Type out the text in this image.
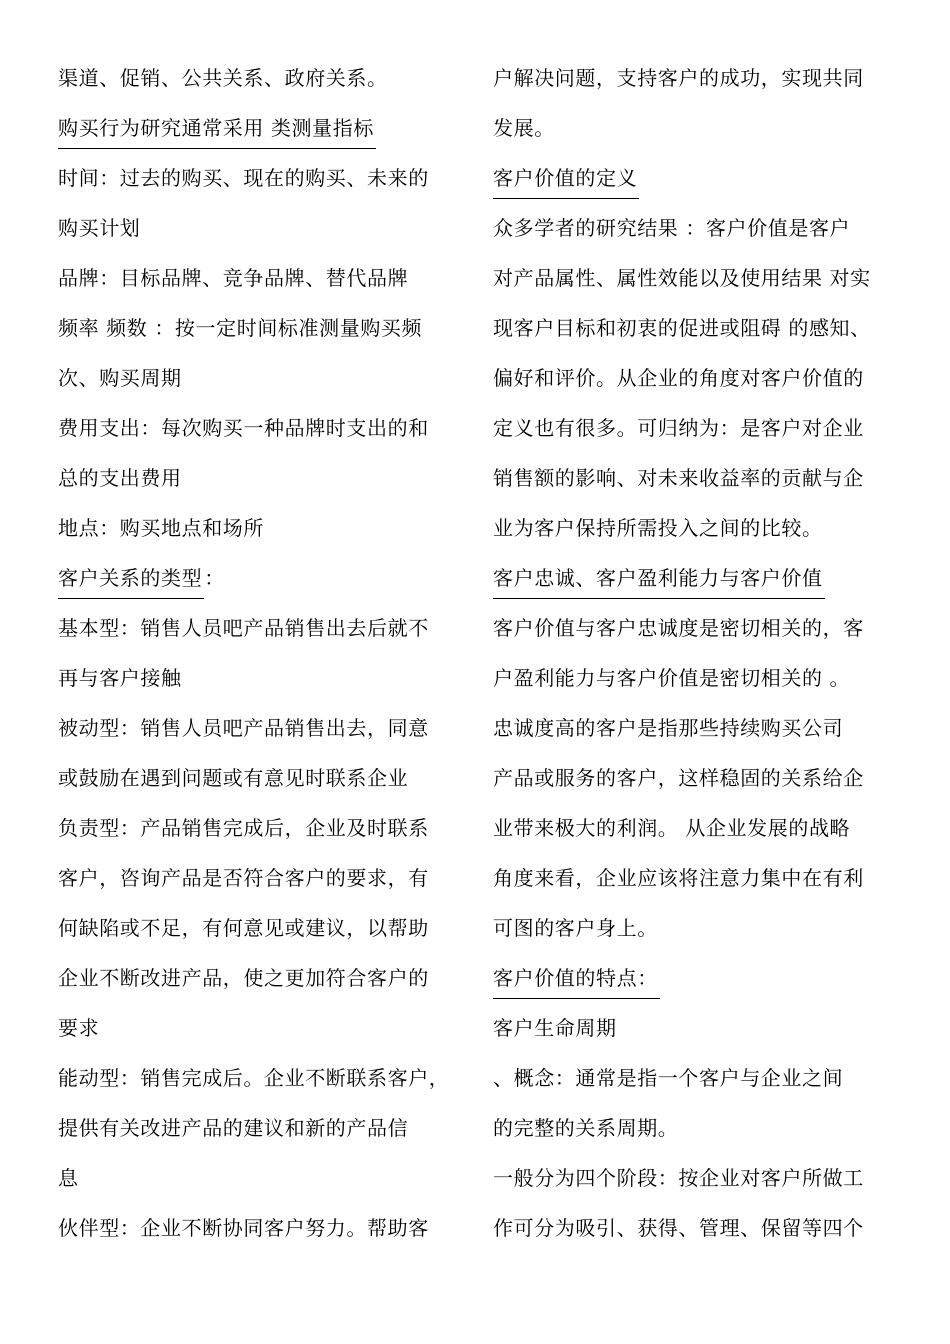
渠道、促销、公共关系、政府关系。
购买行为研究通常采用 类测量指标
时间：过去的购买、现在的购买、未来的
购买计划
品牌：目标品牌、竞争品牌、替代品牌
频率 频数 ：按一定时间标准测量购买频
次、购买周期
费用支出：每次购买一种品牌时支出的和
总的支出费用
地点：购买地点和场所
客户关系的类型 ：
基本型：销售人员吧产品销售出去后就不
再与客户接触
被动型：销售人员吧产品销售出去，同意
或鼓励在遇到问题或有意见时联系企业
负责型：产品销售完成后，企业及时联系
客户，咨询产品是否符合客户的要求，有
何缺陷或不足，有何意见或建议，以帮助
企业不断改进产品，使之更加符合客户的
要求
能动型：销售完成后。企业不断联系客户，
提供有关改进产品的建议和新的产品信
息
伙伴型：企业不断协同客户努力。帮助客
户解决问题，支持客户的成功，实现共同
发展。
客户价值的定义
众多学者的研究结果 ：客户价值是客户
对产品属性、属性效能以及使用结果 对实
现客户目标和初衷的促进或阻碍 的感知、
偏好和评价。从企业的角度对客户价值的
定义也有很多。可归纳为：是客户对企业
销售额的影响、对未来收益率的贡献与企
业为客户保持所需投入之间的比较。
客户忠诚、客户盈利能力与客户价值
客户价值与客户忠诚度是密切相关的，客
户盈利能力与客户价值是密切相关的 。
忠诚度高的客户是指那些持续购买公司
产品或服务的客户，这样稳固的关系给企
业带来极大的利润。 从企业发展的战略
角度来看，企业应该将注意力集中在有利
可图的客户身上。
客户价值的特点：
客户生命周期
、概念：通常是指一个客户与企业之间
的完整的关系周期。
一般分为四个阶段：按企业对客户所做工
作可分为吸引、获得、管理、保留等四个
